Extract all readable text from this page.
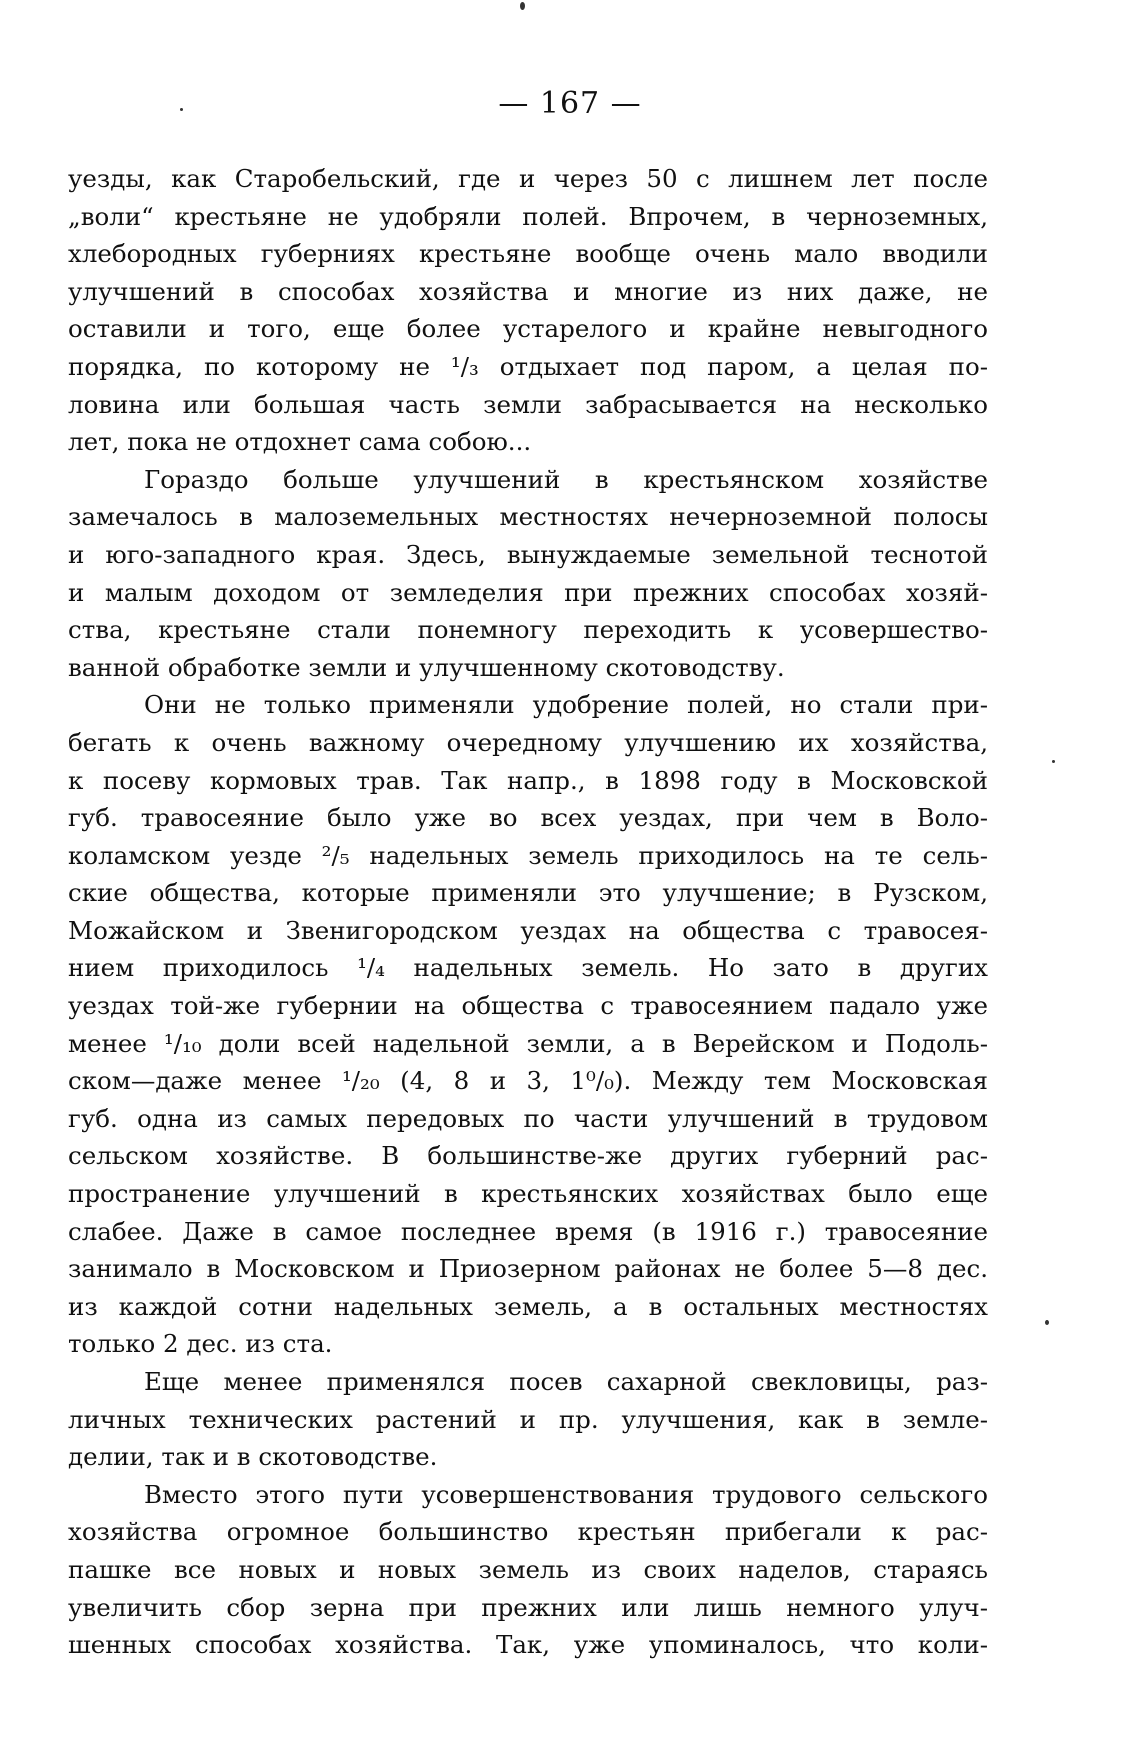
— 167 —
уезды, как Старобельский, где и через 50 с лишнем лет после
„воли“ крестьяне не удобряли полей. Впрочем, в черноземных,
хлебородных губерниях крестьяне вообще очень мало вводили
улучшений в способах хозяйства и многие из них даже, не
оставили и того, еще более устарелого и крайне невыгодного
порядка, по которому не ¹/₃ отдыхает под паром, а целая по-
ловина или большая часть земли забрасывается на несколько
лет, пока не отдохнет сама собою...
Гораздо больше улучшений в крестьянском хозяйстве
замечалось в малоземельных местностях нечерноземной полосы
и юго-западного края. Здесь, вынуждаемые земельной теснотой
и малым доходом от земледелия при прежних способах хозяй-
ства, крестьяне стали понемногу переходить к усовершество-
ванной обработке земли и улучшенному скотоводству.
Они не только применяли удобрение полей, но стали при-
бегать к очень важному очередному улучшению их хозяйства,
к посеву кормовых трав. Так напр., в 1898 году в Московской
губ. травосеяние было уже во всех уездах, при чем в Воло-
коламском уезде ²/₅ надельных земель приходилось на те сель-
ские общества, которые применяли это улучшение; в Рузском,
Можайском и Звенигородском уездах на общества с травосея-
нием приходилось ¹/₄ надельных земель. Но зато в других
уездах той-же губернии на общества с травосеянием падало уже
менее ¹/₁₀ доли всей надельной земли, а в Верейском и Подоль-
ском—даже менее ¹/₂₀ (4, 8 и 3, 1⁰/₀). Между тем Московская
губ. одна из самых передовых по части улучшений в трудовом
сельском хозяйстве. В большинстве-же других губерний рас-
пространение улучшений в крестьянских хозяйствах было еще
слабее. Даже в самое последнее время (в 1916 г.) травосеяние
занимало в Московском и Приозерном районах не более 5—8 дес.
из каждой сотни надельных земель, а в остальных местностях
только 2 дес. из ста.
Еще менее применялся посев сахарной свекловицы, раз-
личных технических растений и пр. улучшения, как в земле-
делии, так и в скотоводстве.
Вместо этого пути усовершенствования трудового сельского
хозяйства огромное большинство крестьян прибегали к рас-
пашке все новых и новых земель из своих наделов, стараясь
увеличить сбор зерна при прежних или лишь немного улуч-
шенных способах хозяйства. Так, уже упоминалось, что коли-
